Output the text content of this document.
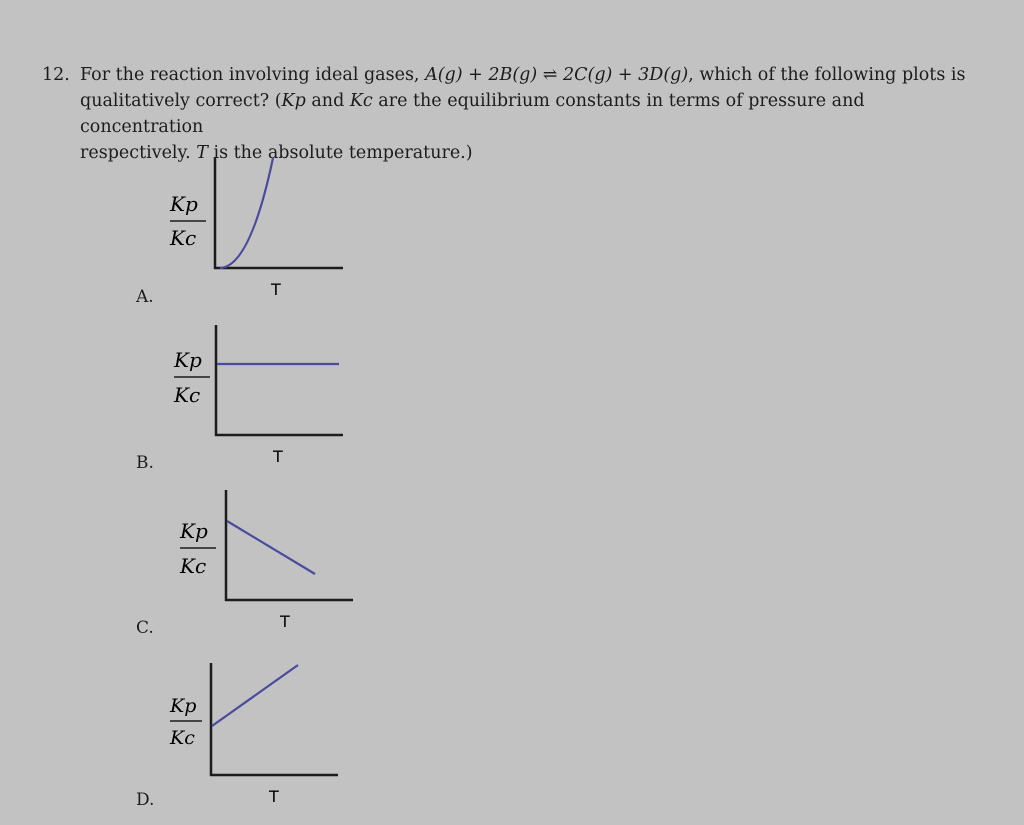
12. For the reaction involving ideal gases, A(g) + 2B(g) ⇌ 2C(g) + 3D(g), which of the following plots is
qualitatively correct? (Kp and Kc are the equilibrium constants in terms of pressure and concentration
respectively. T is the absolute temperature.)
A.
Kp
Kc
T
B.
Kp
Kc
T
C.
Kp
Kc
T
D.
Kp
Kc
T
